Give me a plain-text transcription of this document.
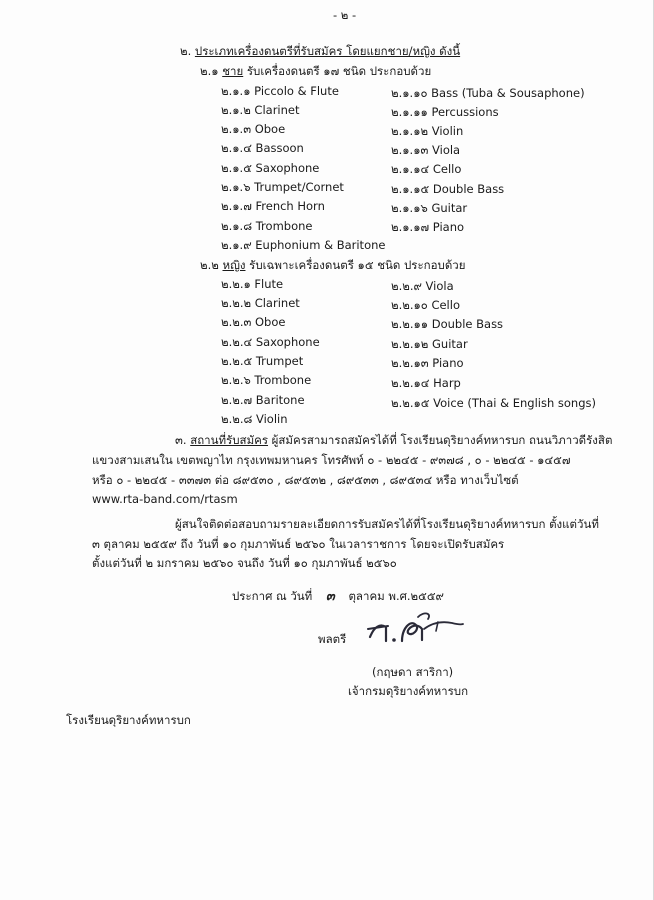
- ๒ -
๒. ประเภทเครื่องดนตรีที่รับสมัคร โดยแยกชาย/หญิง ดังนี้
๒.๑ ชาย รับเครื่องดนตรี ๑๗ ชนิด ประกอบด้วย
๒.๑.๑ Piccolo & Flute
๒.๑.๒ Clarinet
๒.๑.๓ Oboe
๒.๑.๔ Bassoon
๒.๑.๕ Saxophone
๒.๑.๖ Trumpet/Cornet
๒.๑.๗ French Horn
๒.๑.๘ Trombone
๒.๑.๙ Euphonium & Baritone
๒.๑.๑๐ Bass (Tuba & Sousaphone)
๒.๑.๑๑ Percussions
๒.๑.๑๒ Violin
๒.๑.๑๓ Viola
๒.๑.๑๔ Cello
๒.๑.๑๕ Double Bass
๒.๑.๑๖ Guitar
๒.๑.๑๗ Piano
๒.๒ หญิง รับเฉพาะเครื่องดนตรี ๑๕ ชนิด ประกอบด้วย
๒.๒.๑ Flute
๒.๒.๒ Clarinet
๒.๒.๓ Oboe
๒.๒.๔ Saxophone
๒.๒.๕ Trumpet
๒.๒.๖ Trombone
๒.๒.๗ Baritone
๒.๒.๘ Violin
๒.๒.๙ Viola
๒.๒.๑๐ Cello
๒.๒.๑๑ Double Bass
๒.๒.๑๒ Guitar
๒.๒.๑๓ Piano
๒.๒.๑๔ Harp
๒.๒.๑๕ Voice (Thai & English songs)
๓. สถานที่รับสมัคร ผู้สมัครสามารถสมัครได้ที่ โรงเรียนดุริยางค์ทหารบก ถนนวิภาวดีรังสิต
แขวงสามเสนใน เขตพญาไท กรุงเทพมหานคร โทรศัพท์ ๐ - ๒๒๔๕ - ๙๓๗๘ , ๐ - ๒๒๔๕ - ๑๔๕๗
หรือ ๐ - ๒๒๔๕ - ๓๓๗๓ ต่อ ๘๙๕๓๐ , ๘๙๕๓๒ , ๘๙๕๓๓ , ๘๙๕๓๔ หรือ ทางเว็บไซต์
www.rta-band.com/rtasm
ผู้สนใจติดต่อสอบถามรายละเอียดการรับสมัครได้ที่โรงเรียนดุริยางค์ทหารบก ตั้งแต่วันที่
๓ ตุลาคม ๒๕๕๙ ถึง วันที่ ๑๐ กุมภาพันธ์ ๒๕๖๐ ในเวลาราชการ โดยจะเปิดรับสมัคร
ตั้งแต่วันที่ ๒ มกราคม ๒๕๖๐ จนถึง วันที่ ๑๐ กุมภาพันธ์ ๒๕๖๐
ประกาศ ณ วันที่ ๓ ตุลาคม พ.ศ.๒๕๕๙
พลตรี
(กฤษดา สาริกา)
เจ้ากรมดุริยางค์ทหารบก
โรงเรียนดุริยางค์ทหารบก
